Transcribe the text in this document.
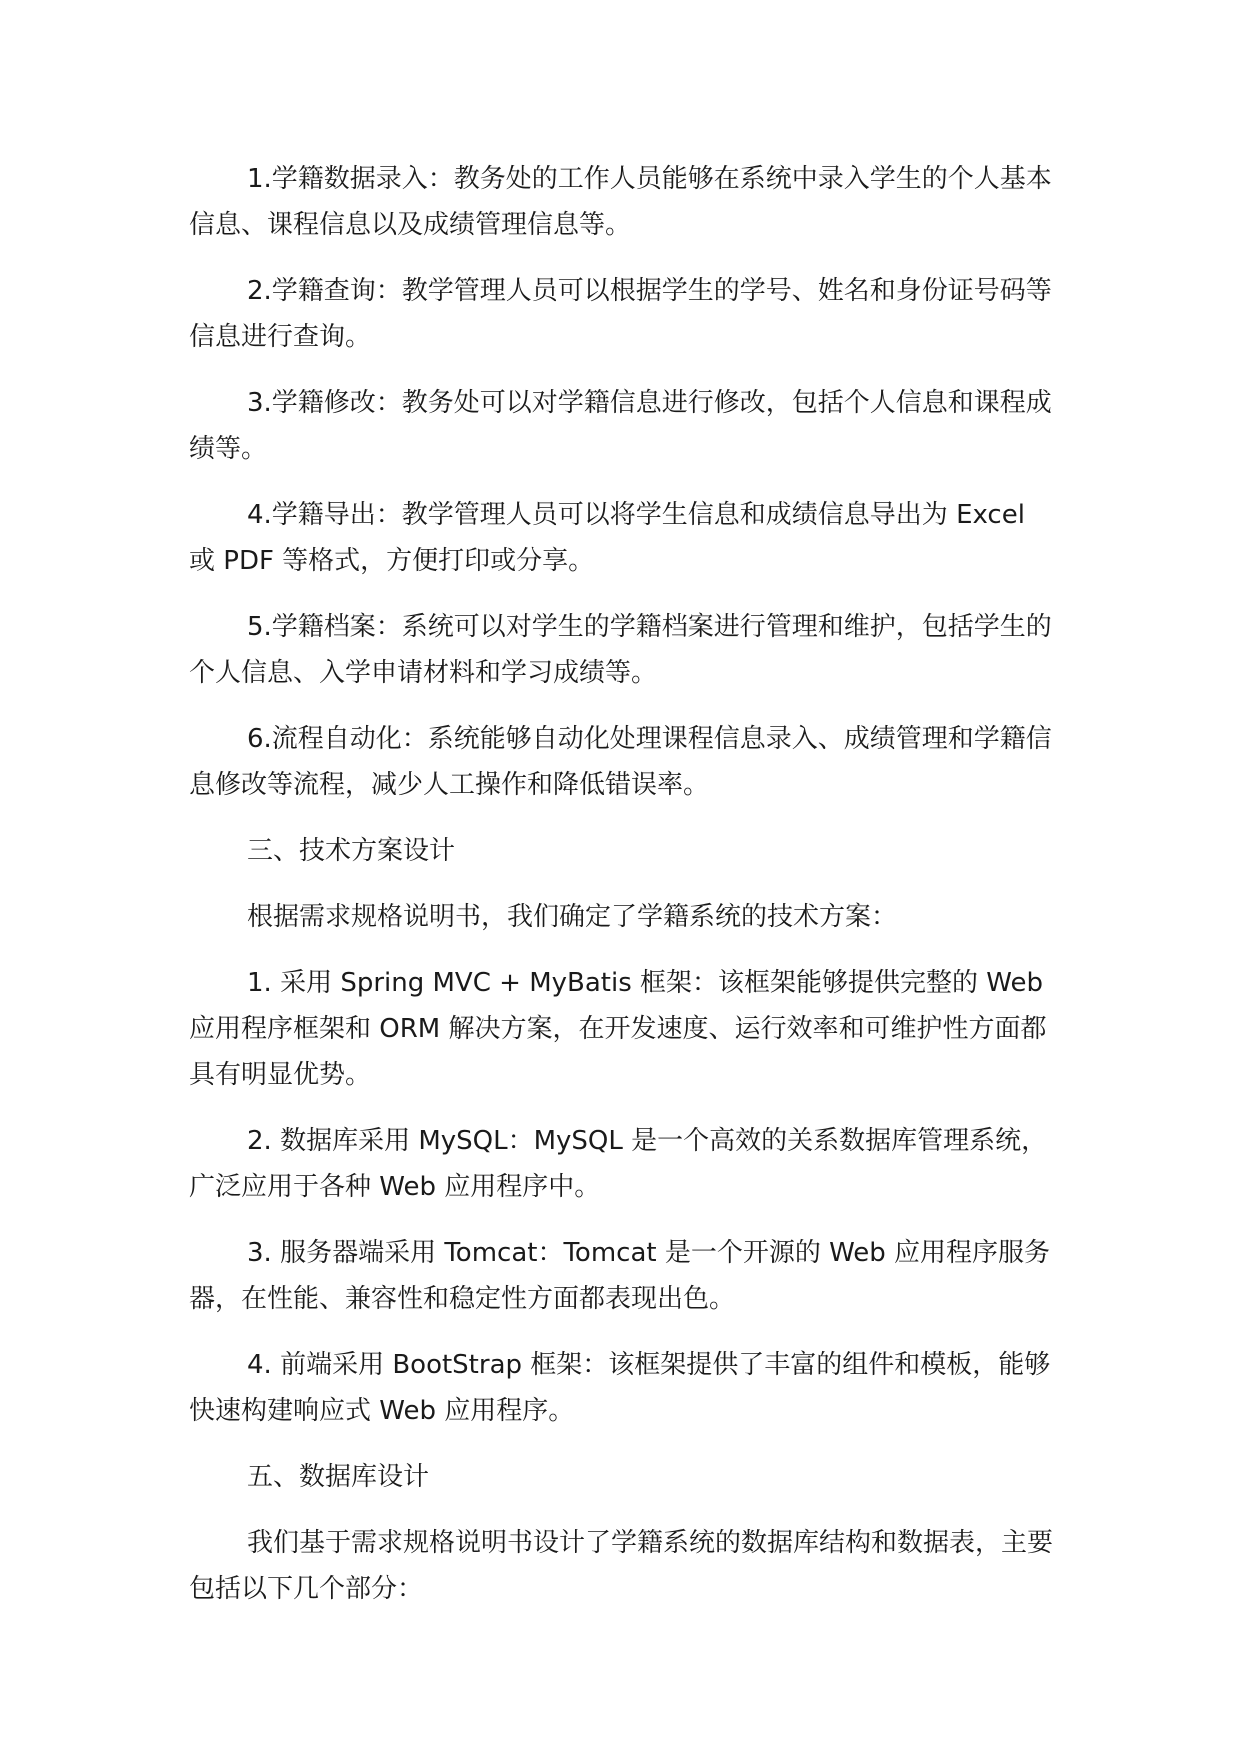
1.学籍数据录入：教务处的工作人员能够在系统中录入学生的个人基本信息、课程信息以及成绩管理信息等。

2.学籍查询：教学管理人员可以根据学生的学号、姓名和身份证号码等信息进行查询。

3.学籍修改：教务处可以对学籍信息进行修改，包括个人信息和课程成绩等。

4.学籍导出：教学管理人员可以将学生信息和成绩信息导出为 Excel 或 PDF 等格式，方便打印或分享。

5.学籍档案：系统可以对学生的学籍档案进行管理和维护，包括学生的个人信息、入学申请材料和学习成绩等。

6.流程自动化：系统能够自动化处理课程信息录入、成绩管理和学籍信息修改等流程，减少人工操作和降低错误率。

三、技术方案设计

根据需求规格说明书，我们确定了学籍系统的技术方案：

1. 采用 Spring MVC + MyBatis 框架：该框架能够提供完整的 Web 应用程序框架和 ORM 解决方案，在开发速度、运行效率和可维护性方面都具有明显优势。

2. 数据库采用 MySQL：MySQL 是一个高效的关系数据库管理系统，广泛应用于各种 Web 应用程序中。

3. 服务器端采用 Tomcat：Tomcat 是一个开源的 Web 应用程序服务器，在性能、兼容性和稳定性方面都表现出色。

4. 前端采用 BootStrap 框架：该框架提供了丰富的组件和模板，能够快速构建响应式 Web 应用程序。

五、数据库设计

我们基于需求规格说明书设计了学籍系统的数据库结构和数据表，主要包括以下几个部分：
